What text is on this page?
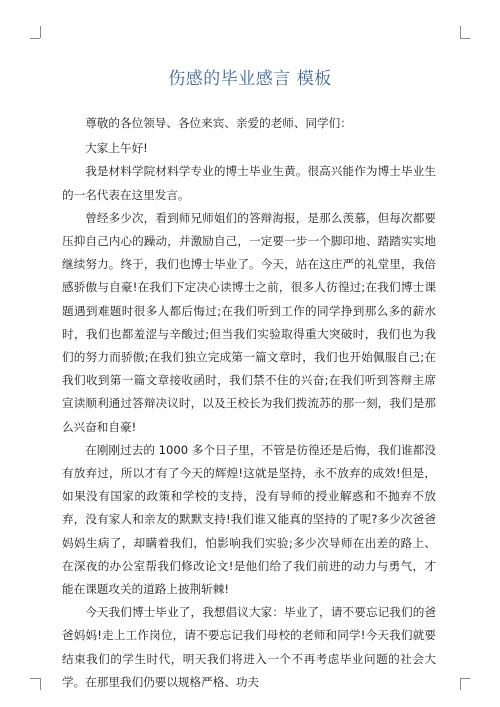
伤感的毕业感言 模板

尊敬的各位领导、各位来宾、亲爱的老师、同学们：

大家上午好!

我是材料学院材料学专业的博士毕业生黄。很高兴能作为博士毕业生的一名代表在这里发言。

曾经多少次，看到师兄师姐们的答辩海报，是那么羡慕，但每次都要压抑自己内心的躁动，并激励自己，一定要一步一个脚印地、踏踏实实地继续努力。终于，我们也博士毕业了。今天，站在这庄严的礼堂里，我倍感骄傲与自豪!在我们下定决心读博士之前，很多人彷徨过;在我们博士课题遇到难题时很多人都后悔过;在我们听到工作的同学挣到那么多的薪水时，我们也都羞涩与辛酸过;但当我们实验取得重大突破时，我们也为我们的努力而骄傲;在我们独立完成第一篇文章时，我们也开始佩服自己;在我们收到第一篇文章接收函时，我们禁不住的兴奋;在我们听到答辩主席宣读顺利通过答辩决议时，以及王校长为我们拨流苏的那一刻，我们是那么兴奋和自豪!

在刚刚过去的 1000 多个日子里，不管是彷徨还是后悔，我们谁都没有放弃过，所以才有了今天的辉煌!这就是坚持，永不放弃的成效!但是，如果没有国家的政策和学校的支持，没有导师的授业解惑和不抛弃不放弃，没有家人和亲友的默默支持!我们谁又能真的坚持的了呢?多少次爸爸妈妈生病了，却瞒着我们，怕影响我们实验;多少次导师在出差的路上、在深夜的办公室帮我们修改论文!是他们给了我们前进的动力与勇气，才能在课题攻关的道路上披荆斩棘!

今天我们博士毕业了，我想倡议大家：毕业了，请不要忘记我们的爸爸妈妈!走上工作岗位，请不要忘记我们母校的老师和同学!今天我们就要结束我们的学生时代，明天我们将进入一个不再考虑毕业问题的社会大学。在那里我们仍要以规格严格、功夫
